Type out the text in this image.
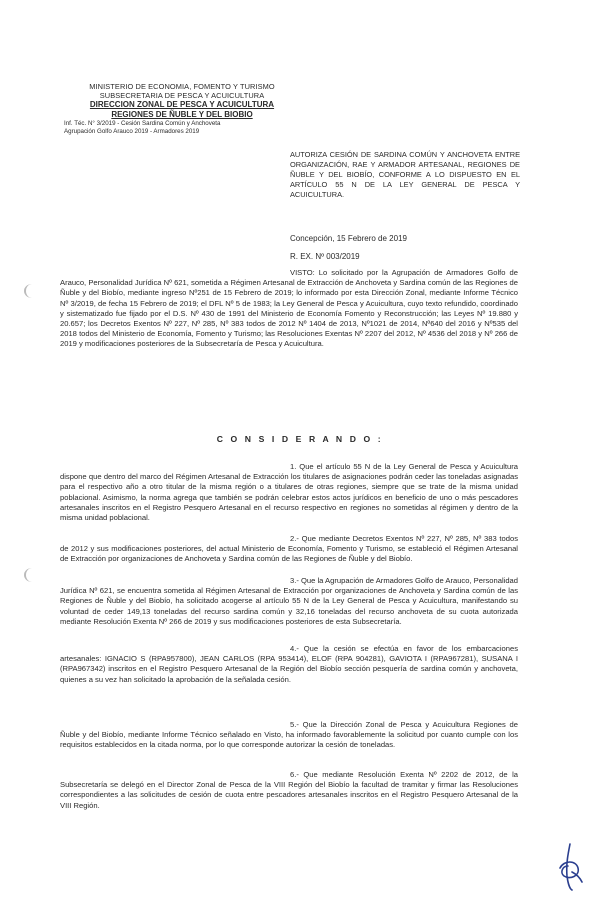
MINISTERIO DE ECONOMIA, FOMENTO Y TURISMO
SUBSECRETARIA DE PESCA Y ACUICULTURA
DIRECCION ZONAL DE PESCA Y ACUICULTURA
REGIONES DE ÑUBLE Y DEL BIOBIO
Inf. Téc. N° 3/2019 - Cesión Sardina Común y Anchoveta
Agrupación Golfo Arauco 2019 - Armadores 2019
AUTORIZA CESIÓN DE SARDINA COMÚN Y ANCHOVETA ENTRE ORGANIZACIÓN, RAE Y ARMADOR ARTESANAL, REGIONES DE ÑUBLE Y DEL BIOBÍO, CONFORME A LO DISPUESTO EN EL ARTÍCULO 55 N DE LA LEY GENERAL DE PESCA Y ACUICULTURA.
Concepción, 15 Febrero de 2019
R. EX. Nº 003/2019
VISTO: Lo solicitado por la Agrupación de Armadores Golfo de Arauco, Personalidad Jurídica Nº 621, sometida a Régimen Artesanal de Extracción de Anchoveta y Sardina común de las Regiones de Ñuble y del Biobío, mediante ingreso Nº251 de 15 Febrero de 2019; lo informado por esta Dirección Zonal, mediante Informe Técnico Nº 3/2019, de fecha 15 Febrero de 2019; el DFL Nº 5 de 1983; la Ley General de Pesca y Acuicultura, cuyo texto refundido, coordinado y sistematizado fue fijado por el D.S. Nº 430 de 1991 del Ministerio de Economía Fomento y Reconstrucción; las Leyes Nº 19.880 y 20.657; los Decretos Exentos Nº 227, Nº 285, Nº 383 todos de 2012 Nº 1404 de 2013, Nº1021 de 2014, Nº640 del 2016 y Nº535 del 2018 todos del Ministerio de Economía, Fomento y Turismo; las Resoluciones Exentas Nº 2207 del 2012, Nº 4536 del 2018 y Nº 266 de 2019 y modificaciones posteriores de la Subsecretaría de Pesca y Acuicultura.
C O N S I D E R A N D O :
1. Que el artículo 55 N de la Ley General de Pesca y Acuicultura dispone que dentro del marco del Régimen Artesanal de Extracción los titulares de asignaciones podrán ceder las toneladas asignadas para el respectivo año a otro titular de la misma región o a titulares de otras regiones, siempre que se trate de la misma unidad poblacional. Asimismo, la norma agrega que también se podrán celebrar estos actos jurídicos en beneficio de uno o más pescadores artesanales inscritos en el Registro Pesquero Artesanal en el recurso respectivo en regiones no sometidas al régimen y dentro de la misma unidad poblacional.
2.- Que mediante Decretos Exentos Nº 227, Nº 285, Nº 383 todos de 2012 y sus modificaciones posteriores, del actual Ministerio de Economía, Fomento y Turismo, se estableció el Régimen Artesanal de Extracción por organizaciones de Anchoveta y Sardina común de las Regiones de Ñuble y del Biobío.
3.- Que la Agrupación de Armadores Golfo de Arauco, Personalidad Jurídica Nº 621, se encuentra sometida al Régimen Artesanal de Extracción por organizaciones de Anchoveta y Sardina común de las Regiones de Ñuble y del Biobío, ha solicitado acogerse al artículo 55 N de la Ley General de Pesca y Acuicultura, manifestando su voluntad de ceder 149,13 toneladas del recurso sardina común y 32,16 toneladas del recurso anchoveta de su cuota autorizada mediante Resolución Exenta Nº 266 de 2019 y sus modificaciones posteriores de esta Subsecretaría.
4.- Que la cesión se efectúa en favor de los embarcaciones artesanales: IGNACIO S (RPA957800), JEAN CARLOS (RPA 953414), ELOF (RPA 904281), GAVIOTA I (RPA967281), SUSANA I (RPA967342) inscritos en el Registro Pesquero Artesanal de la Región del Biobío sección pesquería de sardina común y anchoveta, quienes a su vez han solicitado la aprobación de la señalada cesión.
5.- Que la Dirección Zonal de Pesca y Acuicultura Regiones de Ñuble y del Biobío, mediante Informe Técnico señalado en Visto, ha informado favorablemente la solicitud por cuanto cumple con los requisitos establecidos en la citada norma, por lo que corresponde autorizar la cesión de toneladas.
6.- Que mediante Resolución Exenta Nº 2202 de 2012, de la Subsecretaría se delegó en el Director Zonal de Pesca de la VIII Región del Biobío la facultad de tramitar y firmar las Resoluciones correspondientes a las solicitudes de cesión de cuota entre pescadores artesanales inscritos en el Registro Pesquero Artesanal de la VIII Región.
